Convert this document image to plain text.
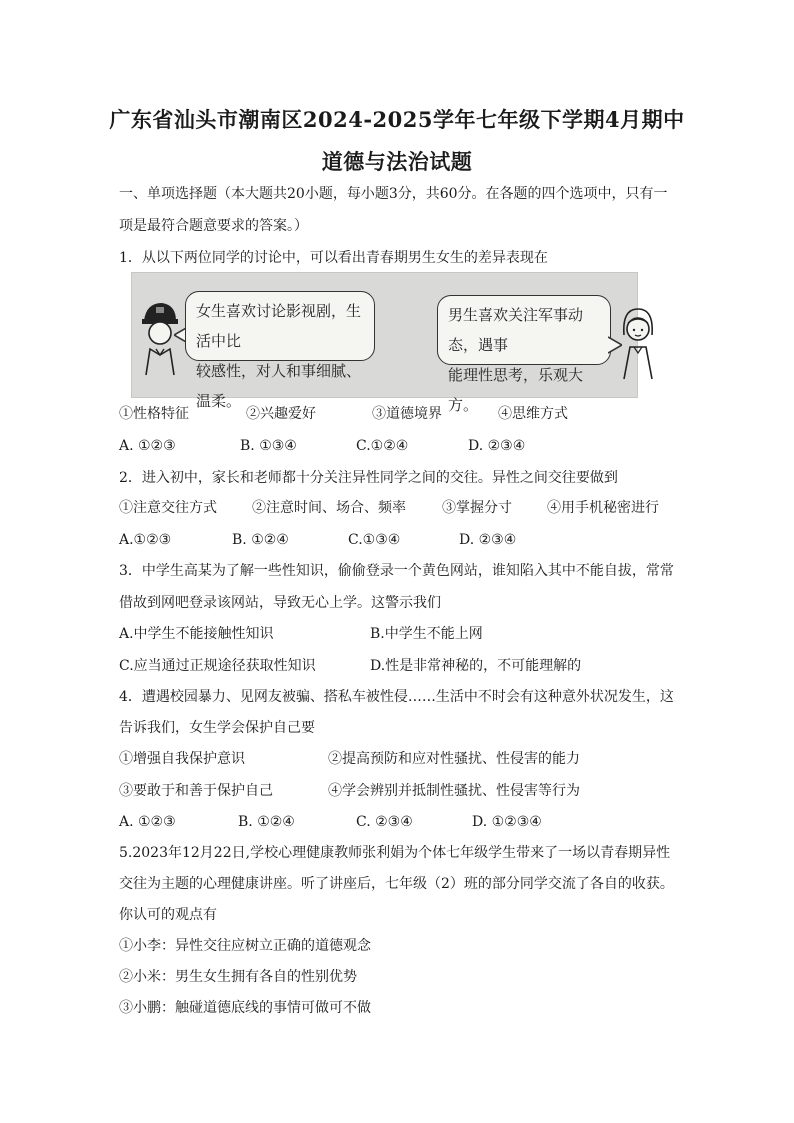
广东省汕头市潮南区2024-2025学年七年级下学期4月期中
道德与法治试题
一、单项选择题（本大题共20小题，每小题3分，共60分。在各题的四个选项中，只有一
项是最符合题意要求的答案。）
1．从以下两位同学的讨论中，可以看出青春期男生女生的差异表现在
女生喜欢讨论影视剧，生活中比
较感性，对人和事细腻、温柔。
男生喜欢关注军事动态，遇事
能理性思考，乐观大方。
①性格特征	②兴趣爱好	③道德境界	④思维方式
A. ①②③	B. ①③④	C.①②④	D. ②③④
2．进入初中，家长和老师都十分关注异性同学之间的交往。异性之间交往要做到
①注意交往方式	②注意时间、场合、频率	③掌握分寸	④用手机秘密进行
A.①②③	B. ①②④	C.①③④	D. ②③④
3．中学生高某为了解一些性知识，偷偷登录一个黄色网站，谁知陷入其中不能自拔，常常
借故到网吧登录该网站，导致无心上学。这警示我们
A.中学生不能接触性知识	B.中学生不能上网
C.应当通过正规途径获取性知识	D.性是非常神秘的，不可能理解的
4．遭遇校园暴力、见网友被骗、搭私车被性侵……生活中不时会有这种意外状况发生，这
告诉我们，女生学会保护自己要
①增强自我保护意识	②提高预防和应对性骚扰、性侵害的能力
③要敢于和善于保护自己	④学会辨别并抵制性骚扰、性侵害等行为
A. ①②③	B. ①②④	C. ②③④	D. ①②③④
5.2023年12月22日,学校心理健康教师张利娟为个体七年级学生带来了一场以青春期异性
交往为主题的心理健康讲座。听了讲座后，七年级（2）班的部分同学交流了各自的收获。
你认可的观点有
①小李：异性交往应树立正确的道德观念
②小米：男生女生拥有各自的性别优势
③小鹏：触碰道德底线的事情可做可不做
